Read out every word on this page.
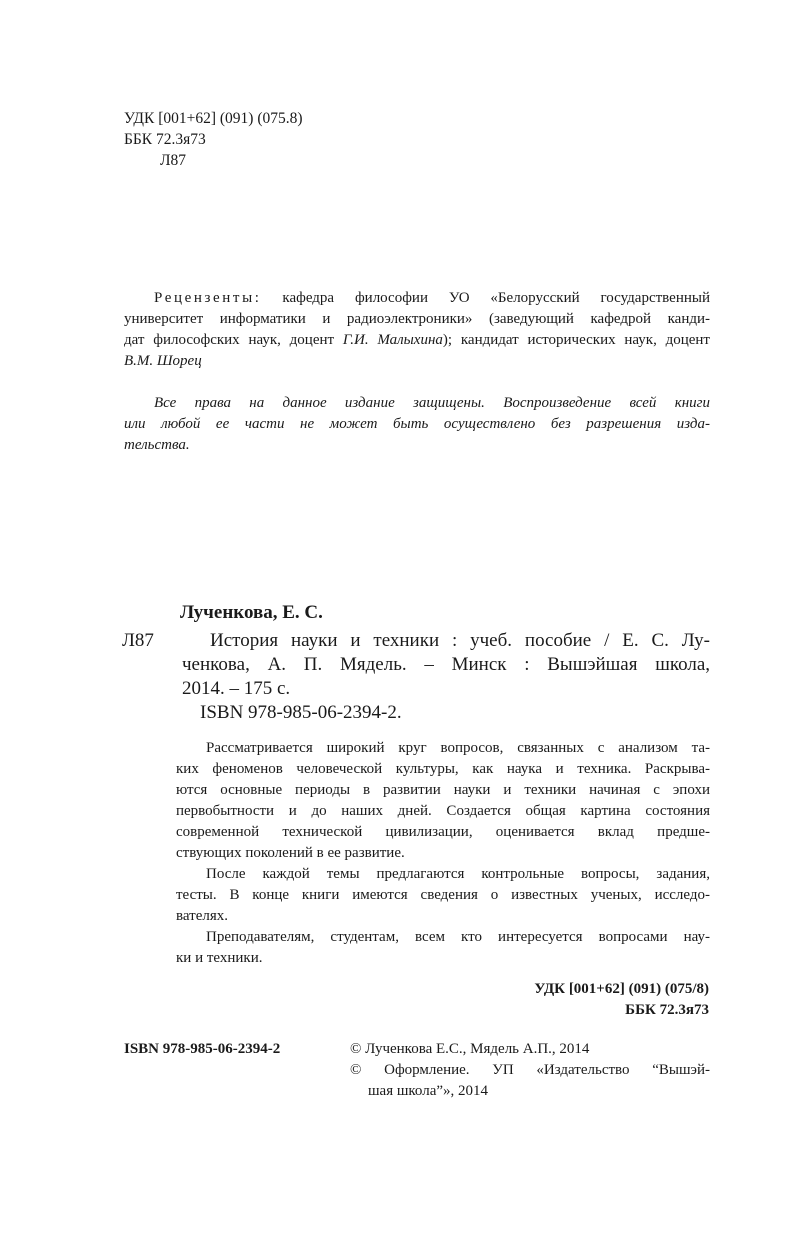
УДК [001+62] (091) (075.8)
ББК 72.3я73
Л87
Рецензенты: кафедра философии УО «Белорусский государственный
университет информатики и радиоэлектроники» (заведующий кафедрой канди-
дат философских наук, доцент Г.И. Малыхина); кандидат исторических наук, доцент
В.М. Шорец
Все права на данное издание защищены. Воспроизведение всей книги
или любой ее части не может быть осуществлено без разрешения изда-
тельства.
Лученкова, Е. С.
Л87	История науки и техники : учеб. пособие / Е. С. Лу-
ченкова, А. П. Мядель. – Минск : Вышэйшая школа,
2014. – 175 с.
ISBN 978-985-06-2394-2.
Рассматривается широкий круг вопросов, связанных с анализом та-
ких феноменов человеческой культуры, как наука и техника. Раскрыва-
ются основные периоды в развитии науки и техники начиная с эпохи
первобытности и до наших дней. Создается общая картина состояния
современной технической цивилизации, оценивается вклад предше-
ствующих поколений в ее развитие.
После каждой темы предлагаются контрольные вопросы, задания,
тесты. В конце книги имеются сведения о известных ученых, исследо-
вателях.
Преподавателям, студентам, всем кто интересуется вопросами нау-
ки и техники.
УДК [001+62] (091) (075/8)
ББК 72.3я73
ISBN 978-985-06-2394-2	© Лученкова Е.С., Мядель А.П., 2014
© Оформление. УП «Издательство “Вышэй-
шая школа”», 2014
